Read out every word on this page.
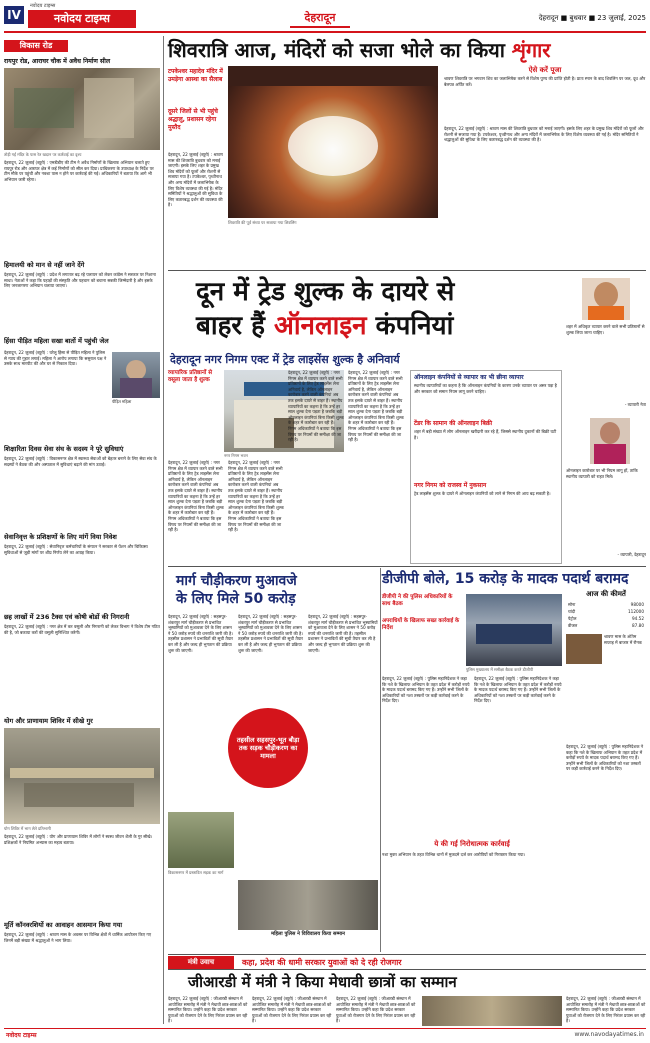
IV
नवोदय टाइम्स
नवोदय टाइम्स	देहरादून	देहरादून ■ बुधवार ■ 23 जुलाई, 2025
विकास रोड
रायपुर रोड, आराघर चौक में अवैध निर्माण सील
तोड़ी गई मंदिर के पास रेत खदान पर कार्रवाई का दृश्य
देहरादून, 22 जुलाई (ब्यूरो) : एमडीडीए की टीम ने अवैध निर्माणों के खिलाफ अभियान चलाते हुए रायपुर रोड और आराघर क्षेत्र में कई निर्माणों को सील कर दिया। प्राधिकरण के उपाध्यक्ष के निर्देश पर टीम मौके पर पहुंची और नक्शा पास न होने पर कार्रवाई की गई। अधिकारियों ने बताया कि आगे भी अभियान जारी रहेगा।
हिमालयी को मान से नहीं जाने देंगे
देहरादून, 22 जुलाई (ब्यूरो) : प्रदेश में लगातार बढ़ रहे पलायन को लेकर कांग्रेस ने सरकार पर निशाना साधा। नेताओं ने कहा कि पहाड़ों की संस्कृति और पहचान को बचाना सबकी जिम्मेदारी है और इसके लिए जनजागरण अभियान चलाया जाएगा।
हिंसा पीड़ित महिला सखा बातों में पहुंची जेल
पीड़ित महिला
देहरादून, 22 जुलाई (ब्यूरो) : घरेलू हिंसा से पीड़ित महिला ने पुलिस से न्याय की गुहार लगाई। महिला ने आरोप लगाया कि ससुराल पक्ष ने उसके साथ मारपीट की और घर से निकाल दिया।
शिक्षारिता दिवस सेवा संघ के सदस्य ने पूरे सुविधाएं
देहरादून, 22 जुलाई (ब्यूरो) : विकासनगर क्षेत्र में स्वास्थ्य सेवाओं को बेहतर बनाने के लिए सेवा संघ के सदस्यों ने बैठक की और अस्पताल में सुविधाएं बढ़ाने की मांग उठाई।
सेवानिवृत्त के प्रशिक्षणों के लिए मांगें विया निवेश
देहरादून, 22 जुलाई (ब्यूरो) : सेवानिवृत्त कर्मचारियों के संगठन ने सरकार से पेंशन और चिकित्सा सुविधाओं से जुड़ी मांगों पर शीघ्र निर्णय लेने का आग्रह किया।
छह लाखों में 236 टैक्स एवं कोषी बोडों की निगरानी
देहरादून, 22 जुलाई (ब्यूरो) : नगर क्षेत्र में कर वसूली और निगरानी को लेकर विभाग ने विशेष टीम गठित की है, जो बकाया करों की वसूली सुनिश्चित करेगी।
योग और प्राणायाम शिविर में सीखे गुर
योग शिविर में भाग लेते प्रतिभागी
देहरादून, 22 जुलाई (ब्यूरो) : योग और प्राणायाम शिविर में लोगों ने स्वस्थ जीवन शैली के गुर सीखे। प्रशिक्षकों ने नियमित अभ्यास का महत्व बताया।
मूर्ति कॉनवरशियों का आवाहन आसमान किया गया
देहरादून, 22 जुलाई (ब्यूरो) : श्रावण मास के अवसर पर विभिन्न क्षेत्रों में धार्मिक आयोजन किए गए जिनमें बड़ी संख्या में श्रद्धालुओं ने भाग लिया।
शिवरात्रि आज, मंदिरों को सजा भोले का किया शृंगार
टपकेश्वर महादेव मंदिर में उमड़ेगा आस्था का सैलाब
दूसरे जिलों से भी पहुंचे श्रद्धालु, प्रशासन रहेगा मुस्तैद
देहरादून, 22 जुलाई (ब्यूरो) : श्रावण मास की शिवरात्रि बुधवार को मनाई जाएगी। इसके लिए शहर के प्रमुख शिव मंदिरों को फूलों और रोशनी से सजाया गया है। टपकेश्वर, पृथ्वीनाथ और अन्य मंदिरों में जलाभिषेक के लिए विशेष व्यवस्था की गई है। मंदिर समितियों ने श्रद्धालुओं की सुविधा के लिए कतारबद्ध दर्शन की व्यवस्था की है।
शिवरात्रि की पूर्व संध्या पर सजाया गया शिवलिंग
ऐसे करें पूजा
श्रावण शिवरात्रि पर भगवान शिव का जलाभिषेक करने से विशेष पुण्य की प्राप्ति होती है। प्रातः स्नान के बाद शिवलिंग पर जल, दूध और बेलपत्र अर्पित करें।
देहरादून, 22 जुलाई (ब्यूरो) : श्रावण मास की शिवरात्रि बुधवार को मनाई जाएगी। इसके लिए शहर के प्रमुख शिव मंदिरों को फूलों और रोशनी से सजाया गया है। टपकेश्वर, पृथ्वीनाथ और अन्य मंदिरों में जलाभिषेक के लिए विशेष व्यवस्था की गई है। मंदिर समितियों ने श्रद्धालुओं की सुविधा के लिए कतारबद्ध दर्शन की व्यवस्था की है।
दून में ट्रेड शुल्क के दायरे से
बाहर हैं ऑनलाइन कंपनियां
देहरादून नगर निगम एक्ट में ट्रेड लाइसेंस शुल्क है अनिवार्य
व्यापारिक प्रतिष्ठानों से वसूला जाता है शुल्क
नगर निगम भवन
देहरादून, 22 जुलाई (ब्यूरो) : नगर निगम क्षेत्र में व्यापार करने वाले सभी प्रतिष्ठानों के लिए ट्रेड लाइसेंस लेना अनिवार्य है, लेकिन ऑनलाइन कारोबार करने वाली कंपनियां अब तक इसके दायरे से बाहर हैं। स्थानीय व्यापारियों का कहना है कि उन्हें हर साल शुल्क देना पड़ता है जबकि बड़ी ऑनलाइन कंपनियां बिना किसी शुल्क के शहर में कारोबार कर रही हैं। निगम अधिकारियों ने बताया कि इस विषय पर नियमों की समीक्षा की जा रही है।
देहरादून, 22 जुलाई (ब्यूरो) : नगर निगम क्षेत्र में व्यापार करने वाले सभी प्रतिष्ठानों के लिए ट्रेड लाइसेंस लेना अनिवार्य है, लेकिन ऑनलाइन कारोबार करने वाली कंपनियां अब तक इसके दायरे से बाहर हैं। स्थानीय व्यापारियों का कहना है कि उन्हें हर साल शुल्क देना पड़ता है जबकि बड़ी ऑनलाइन कंपनियां बिना किसी शुल्क के शहर में कारोबार कर रही हैं। निगम अधिकारियों ने बताया कि इस विषय पर नियमों की समीक्षा की जा रही है।
देहरादून, 22 जुलाई (ब्यूरो) : नगर निगम क्षेत्र में व्यापार करने वाले सभी प्रतिष्ठानों के लिए ट्रेड लाइसेंस लेना अनिवार्य है, लेकिन ऑनलाइन कारोबार करने वाली कंपनियां अब तक इसके दायरे से बाहर हैं। स्थानीय व्यापारियों का कहना है कि उन्हें हर साल शुल्क देना पड़ता है जबकि बड़ी ऑनलाइन कंपनियां बिना किसी शुल्क के शहर में कारोबार कर रही हैं। निगम अधिकारियों ने बताया कि इस विषय पर नियमों की समीक्षा की जा रही है।
देहरादून, 22 जुलाई (ब्यूरो) : नगर निगम क्षेत्र में व्यापार करने वाले सभी प्रतिष्ठानों के लिए ट्रेड लाइसेंस लेना अनिवार्य है, लेकिन ऑनलाइन कारोबार करने वाली कंपनियां अब तक इसके दायरे से बाहर हैं। स्थानीय व्यापारियों का कहना है कि उन्हें हर साल शुल्क देना पड़ता है जबकि बड़ी ऑनलाइन कंपनियां बिना किसी शुल्क के शहर में कारोबार कर रही हैं। निगम अधिकारियों ने बताया कि इस विषय पर नियमों की समीक्षा की जा रही है।
ऑनलाइन कंपनियों से व्यापार का भी छीना व्यापार
स्थानीय व्यापारियों का कहना है कि ऑनलाइन कंपनियों के कारण उनके व्यापार पर असर पड़ा है और सरकार को समान नियम लागू करने चाहिए।
टेंडर कि सामान की ऑनलाइन बिक्री
शहर में बड़ी संख्या में लोग ऑनलाइन खरीदारी कर रहे हैं, जिससे स्थानीय दुकानों की बिक्री घटी है।
नगर निगम को राजस्व में नुकसान
ट्रेड लाइसेंस शुल्क के दायरे में ऑनलाइन कंपनियों को लाने से निगम की आय बढ़ सकती है।
शहर में अधिकृत व्यापार करने वाले सभी प्रतिष्ठानों से शुल्क लिया जाना चाहिए।
- व्यापारी नेता
ऑनलाइन कारोबार पर भी नियम लागू हों, ताकि स्थानीय व्यापारी को राहत मिले।
- व्यापारी, देहरादून
मार्ग चौड़ीकरण मुआवजे
के लिए मिले 50 करोड़
देहरादून, 22 जुलाई (ब्यूरो) : सहसपुर-शंकरपुर मार्ग चौड़ीकरण से प्रभावित भूस्वामियों को मुआवजा देने के लिए शासन ने 50 करोड़ रुपये की धनराशि जारी की है। तहसील प्रशासन ने प्रभावितों की सूची तैयार कर ली है और जल्द ही भुगतान की प्रक्रिया शुरू की जाएगी।
देहरादून, 22 जुलाई (ब्यूरो) : सहसपुर-शंकरपुर मार्ग चौड़ीकरण से प्रभावित भूस्वामियों को मुआवजा देने के लिए शासन ने 50 करोड़ रुपये की धनराशि जारी की है। तहसील प्रशासन ने प्रभावितों की सूची तैयार कर ली है और जल्द ही भुगतान की प्रक्रिया शुरू की जाएगी।
देहरादून, 22 जुलाई (ब्यूरो) : सहसपुर-शंकरपुर मार्ग चौड़ीकरण से प्रभावित भूस्वामियों को मुआवजा देने के लिए शासन ने 50 करोड़ रुपये की धनराशि जारी की है। तहसील प्रशासन ने प्रभावितों की सूची तैयार कर ली है और जल्द ही भुगतान की प्रक्रिया शुरू की जाएगी।
तहसील सहसपुर-भूत बौड़ा तक सड़क चौड़ीकरण का मामला
विकासनगर में प्रस्तावित सड़क का मार्ग
महिला पुलिस ने विविवालय किया सम्मान
डीजीपी बोले, 15 करोड़ के मादक पदार्थ बरामद
डीजीपी ने की पुलिस अधिकारियों के साथ बैठक
अपराधियों के खिलाफ सख्त कार्रवाई के निर्देश
पुलिस मुख्यालय में समीक्षा बैठक करते डीजीपी
आज की कीमतें
सोना	98000
चांदी	112000
पेट्रोल	94.52
डीजल	87.80
श्रावण मास के अंतिम सप्ताह में बाजार में रौनक
देहरादून, 22 जुलाई (ब्यूरो) : पुलिस महानिदेशक ने कहा कि नशे के खिलाफ अभियान के तहत प्रदेश में करोड़ों रुपये के मादक पदार्थ बरामद किए गए हैं। उन्होंने सभी जिलों के अधिकारियों को नशा तस्करों पर कड़ी कार्रवाई करने के निर्देश दिए।
देहरादून, 22 जुलाई (ब्यूरो) : पुलिस महानिदेशक ने कहा कि नशे के खिलाफ अभियान के तहत प्रदेश में करोड़ों रुपये के मादक पदार्थ बरामद किए गए हैं। उन्होंने सभी जिलों के अधिकारियों को नशा तस्करों पर कड़ी कार्रवाई करने के निर्देश दिए।
ये की गई निरोधात्मक कार्रवाई
नशा मुक्त अभियान के तहत विभिन्न थानों में मुकदमे दर्ज कर आरोपियों को गिरफ्तार किया गया।
देहरादून, 22 जुलाई (ब्यूरो) : पुलिस महानिदेशक ने कहा कि नशे के खिलाफ अभियान के तहत प्रदेश में करोड़ों रुपये के मादक पदार्थ बरामद किए गए हैं। उन्होंने सभी जिलों के अधिकारियों को नशा तस्करों पर कड़ी कार्रवाई करने के निर्देश दिए।
मंत्री उवाच	कहा, प्रदेश की धामी सरकार युवाओं को दे रही रोजगार
जीआरडी में मंत्री ने किया मेधावी छात्रों का सम्मान
देहरादून, 22 जुलाई (ब्यूरो) : जीआरडी संस्थान में आयोजित समारोह में मंत्री ने मेधावी छात्र-छात्राओं को सम्मानित किया। उन्होंने कहा कि प्रदेश सरकार युवाओं को रोजगार देने के लिए निरंतर प्रयास कर रही है।
देहरादून, 22 जुलाई (ब्यूरो) : जीआरडी संस्थान में आयोजित समारोह में मंत्री ने मेधावी छात्र-छात्राओं को सम्मानित किया। उन्होंने कहा कि प्रदेश सरकार युवाओं को रोजगार देने के लिए निरंतर प्रयास कर रही है।
देहरादून, 22 जुलाई (ब्यूरो) : जीआरडी संस्थान में आयोजित समारोह में मंत्री ने मेधावी छात्र-छात्राओं को सम्मानित किया। उन्होंने कहा कि प्रदेश सरकार युवाओं को रोजगार देने के लिए निरंतर प्रयास कर रही है।
देहरादून, 22 जुलाई (ब्यूरो) : जीआरडी संस्थान में आयोजित समारोह में मंत्री ने मेधावी छात्र-छात्राओं को सम्मानित किया। उन्होंने कहा कि प्रदेश सरकार युवाओं को रोजगार देने के लिए निरंतर प्रयास कर रही है।
नवोदय टाइम्स	www.navodayatimes.in
